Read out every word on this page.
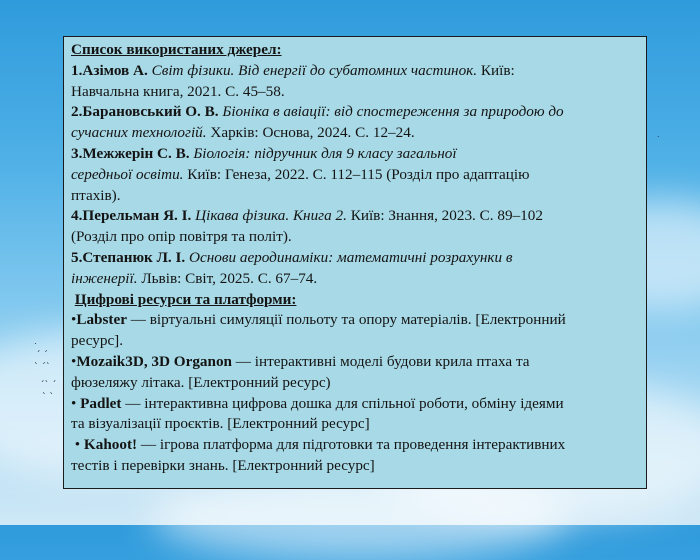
͘ˏ ˏ
ˎ ˏˎ
ˏˎ ˏ
ˎ ˎ
˙
Список використаних джерел:
1.Азімов А. Світ фізики. Від енергії до субатомних частинок. Київ:
Навчальна книга, 2021. С. 45–58.
2.Барановський О. В. Біоніка в авіації: від спостереження за природою до
сучасних технологій. Харків: Основа, 2024. С. 12–24.
3.Межжерін С. В. Біологія: підручник для 9 класу загальної
середньої освіти. Київ: Генеза, 2022. С. 112–115 (Розділ про адаптацію
птахів).
4.Перельман Я. І. Цікава фізика. Книга 2. Київ: Знання, 2023. С. 89–102
(Розділ про опір повітря та політ).
5.Степанюк Л. І. Основи аеродинаміки: математичні розрахунки в
інженерії. Львів: Світ, 2025. С. 67–74.
Цифрові ресурси та платформи:
•Labster — віртуальні симуляції польоту та опору матеріалів. [Електронний
ресурс].
•Mozaik3D, 3D Organon — інтерактивні моделі будови крила птаха та
фюзеляжу літака. [Електронний ресурс)
• Padlet — інтерактивна цифрова дошка для спільної роботи, обміну ідеями
та візуалізації проєктів. [Електронний ресурс]
• Kahoot! — ігрова платформа для підготовки та проведення інтерактивних
тестів і перевірки знань. [Електронний ресурс]
